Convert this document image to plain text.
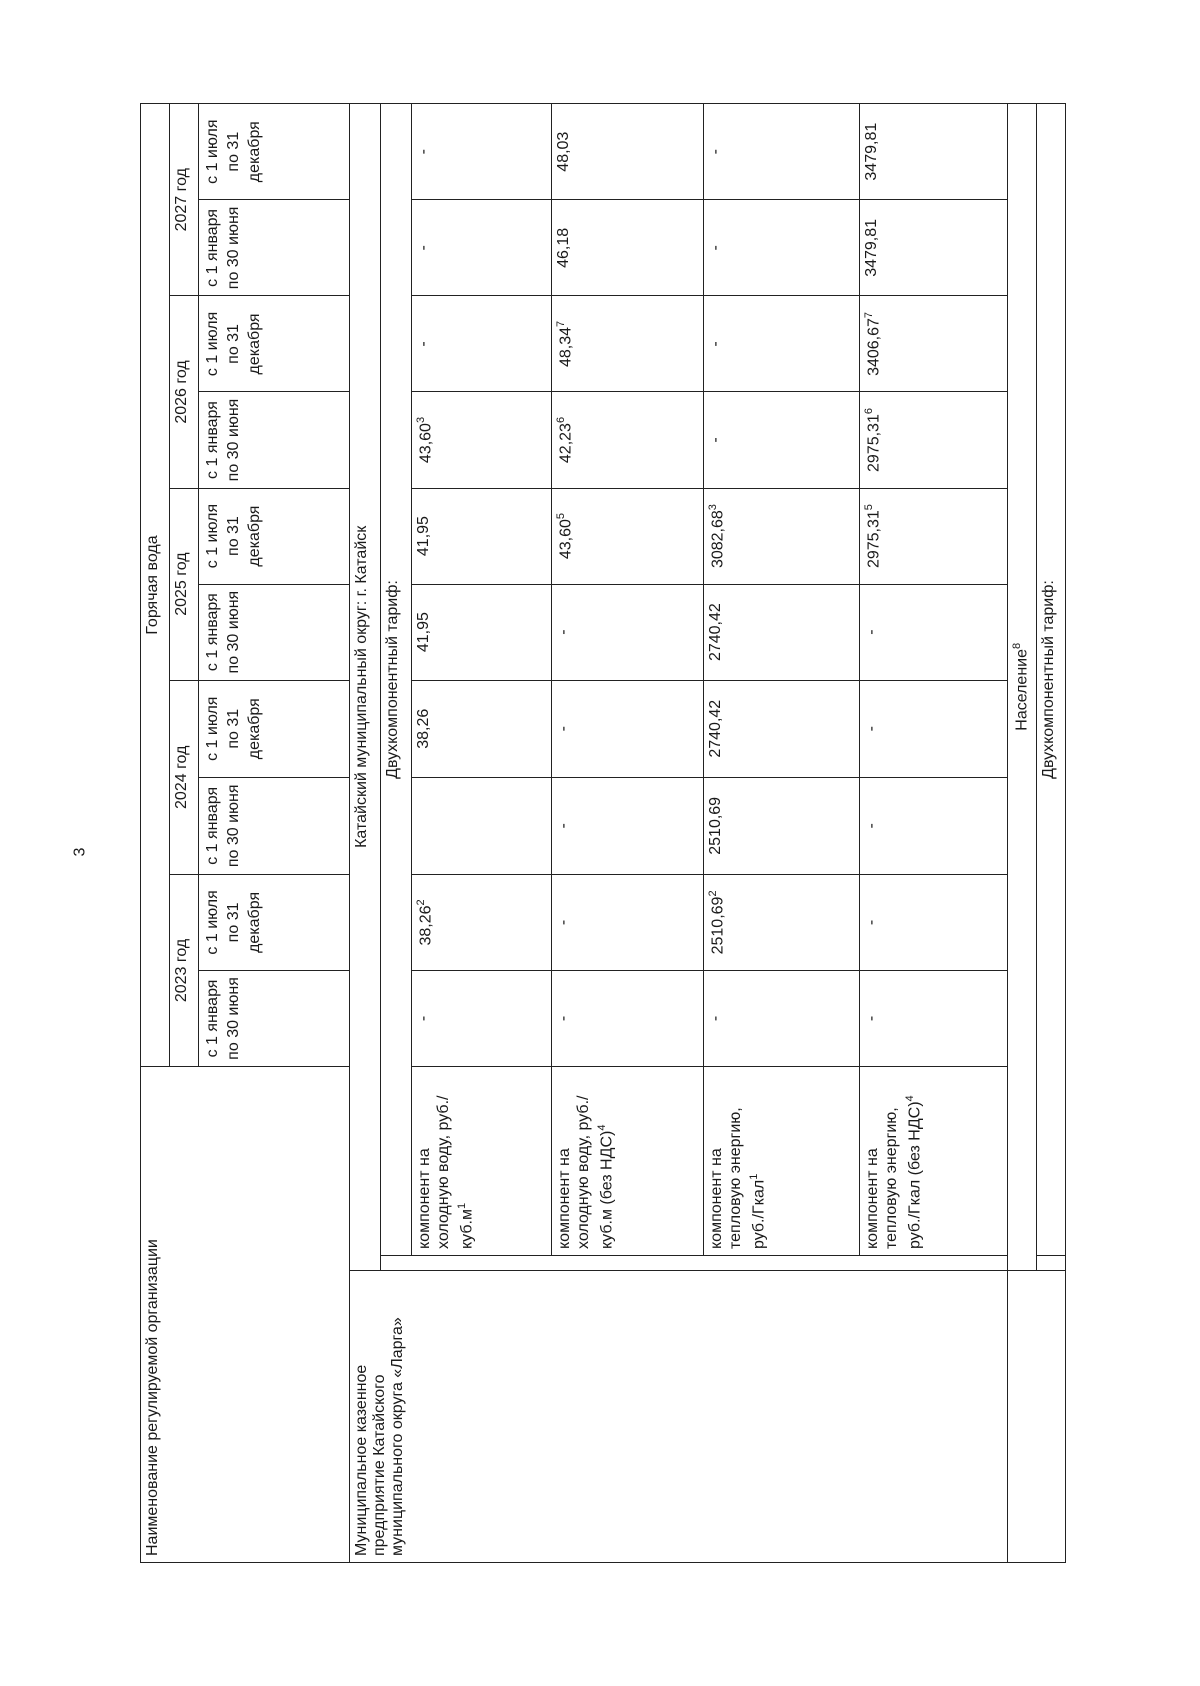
3
Наименование регулируемой организации			Горячая вода									
			2023 год		2024 год		2025 год		2026 год		2027 год	
			с 1 января по 30 июня	с 1 июля по 31 декабря	с 1 января по 30 июня	с 1 июля по 31 декабря	с 1 января по 30 июня	с 1 июля по 31 декабря	с 1 января по 30 июня	с 1 июля по 31 декабря	с 1 января по 30 июня	с 1 июля по 31 декабря
Муниципальное казенное предприятие Катайского муниципального округа «Ларга»	Катайский муниципальный округ: г. Катайск											
		Двухкомпонентный тариф:										
		компонент на холодную воду, $руб./куб.м^1$	-	38,26$^2$		38,26	41,95	41,95	43,60$^3$	-	-	-
		компонент на холодную воду, руб./куб.м (без НДС)$^4$	-	-	-	-	-	43,60$^5$	42,23$^6$	48,34$^7$	46,18	48,03
		компонент на тепловую энергию, руб./Гкал$^1$	-	2510,69$^2$	2510,69	2740,42	2740,42	3082,68$^3$	-	-	-	-
		компонент на тепловую энергию, руб./Гкал (без НДС)$^4$	-	-	-	-	-	2975,31$^5$	2975,31$^6$	3406,67$^7$	3479,81	3479,81
	Население$^8$
		Двухкомпонентный тариф:										
